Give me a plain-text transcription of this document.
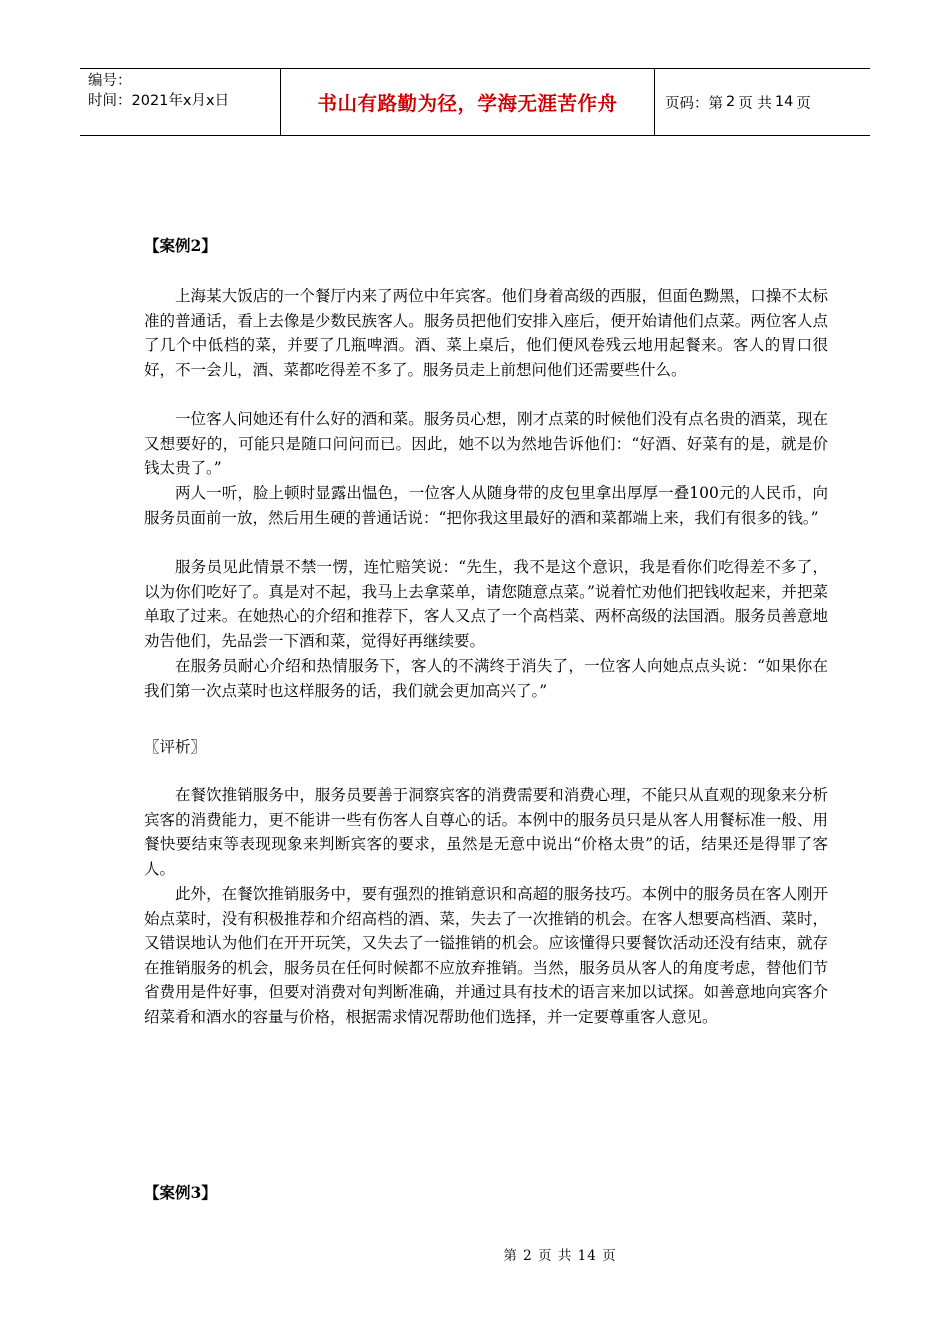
编号：
时间：2021年x月x日	书山有路勤为径，学海无涯苦作舟	页码：第 2 页 共 14 页
【案例2】
上海某大饭店的一个餐厅内来了两位中年宾客。他们身着高级的西服，但面色黝黑，口操不太标准的普通话，看上去像是少数民族客人。服务员把他们安排入座后，便开始请他们点菜。两位客人点了几个中低档的菜，并要了几瓶啤酒。酒、菜上桌后，他们便风卷残云地用起餐来。客人的胃口很好，不一会儿，酒、菜都吃得差不多了。服务员走上前想问他们还需要些什么。
一位客人问她还有什么好的酒和菜。服务员心想，刚才点菜的时候他们没有点名贵的酒菜，现在又想要好的，可能只是随口问问而已。因此，她不以为然地告诉他们：“好酒、好菜有的是，就是价钱太贵了。”
两人一听，脸上顿时显露出愠色，一位客人从随身带的皮包里拿出厚厚一叠100元的人民币，向服务员面前一放，然后用生硬的普通话说：“把你我这里最好的酒和菜都端上来，我们有很多的钱。”
服务员见此情景不禁一愣，连忙赔笑说：“先生，我不是这个意识，我是看你们吃得差不多了，以为你们吃好了。真是对不起，我马上去拿菜单，请您随意点菜。”说着忙劝他们把钱收起来，并把菜单取了过来。在她热心的介绍和推荐下，客人又点了一个高档菜、两杯高级的法国酒。服务员善意地劝告他们，先品尝一下酒和菜，觉得好再继续要。
在服务员耐心介绍和热情服务下，客人的不满终于消失了，一位客人向她点点头说：“如果你在我们第一次点菜时也这样服务的话，我们就会更加高兴了。”
〖评析〗
在餐饮推销服务中，服务员要善于洞察宾客的消费需要和消费心理，不能只从直观的现象来分析宾客的消费能力，更不能讲一些有伤客人自尊心的话。本例中的服务员只是从客人用餐标准一般、用餐快要结束等表现现象来判断宾客的要求，虽然是无意中说出“价格太贵”的话，结果还是得罪了客人。
此外，在餐饮推销服务中，要有强烈的推销意识和高超的服务技巧。本例中的服务员在客人刚开始点菜时，没有积极推荐和介绍高档的酒、菜，失去了一次推销的机会。在客人想要高档酒、菜时，又错误地认为他们在开开玩笑，又失去了一镒推销的机会。应该懂得只要餐饮活动还没有结束，就存在推销服务的机会，服务员在任何时候都不应放弃推销。当然，服务员从客人的角度考虑，替他们节省费用是件好事，但要对消费对旬判断准确，并通过具有技术的语言来加以试探。如善意地向宾客介绍菜肴和酒水的容量与价格，根据需求情况帮助他们选择，并一定要尊重客人意见。
【案例3】
第 2 页 共 14 页
